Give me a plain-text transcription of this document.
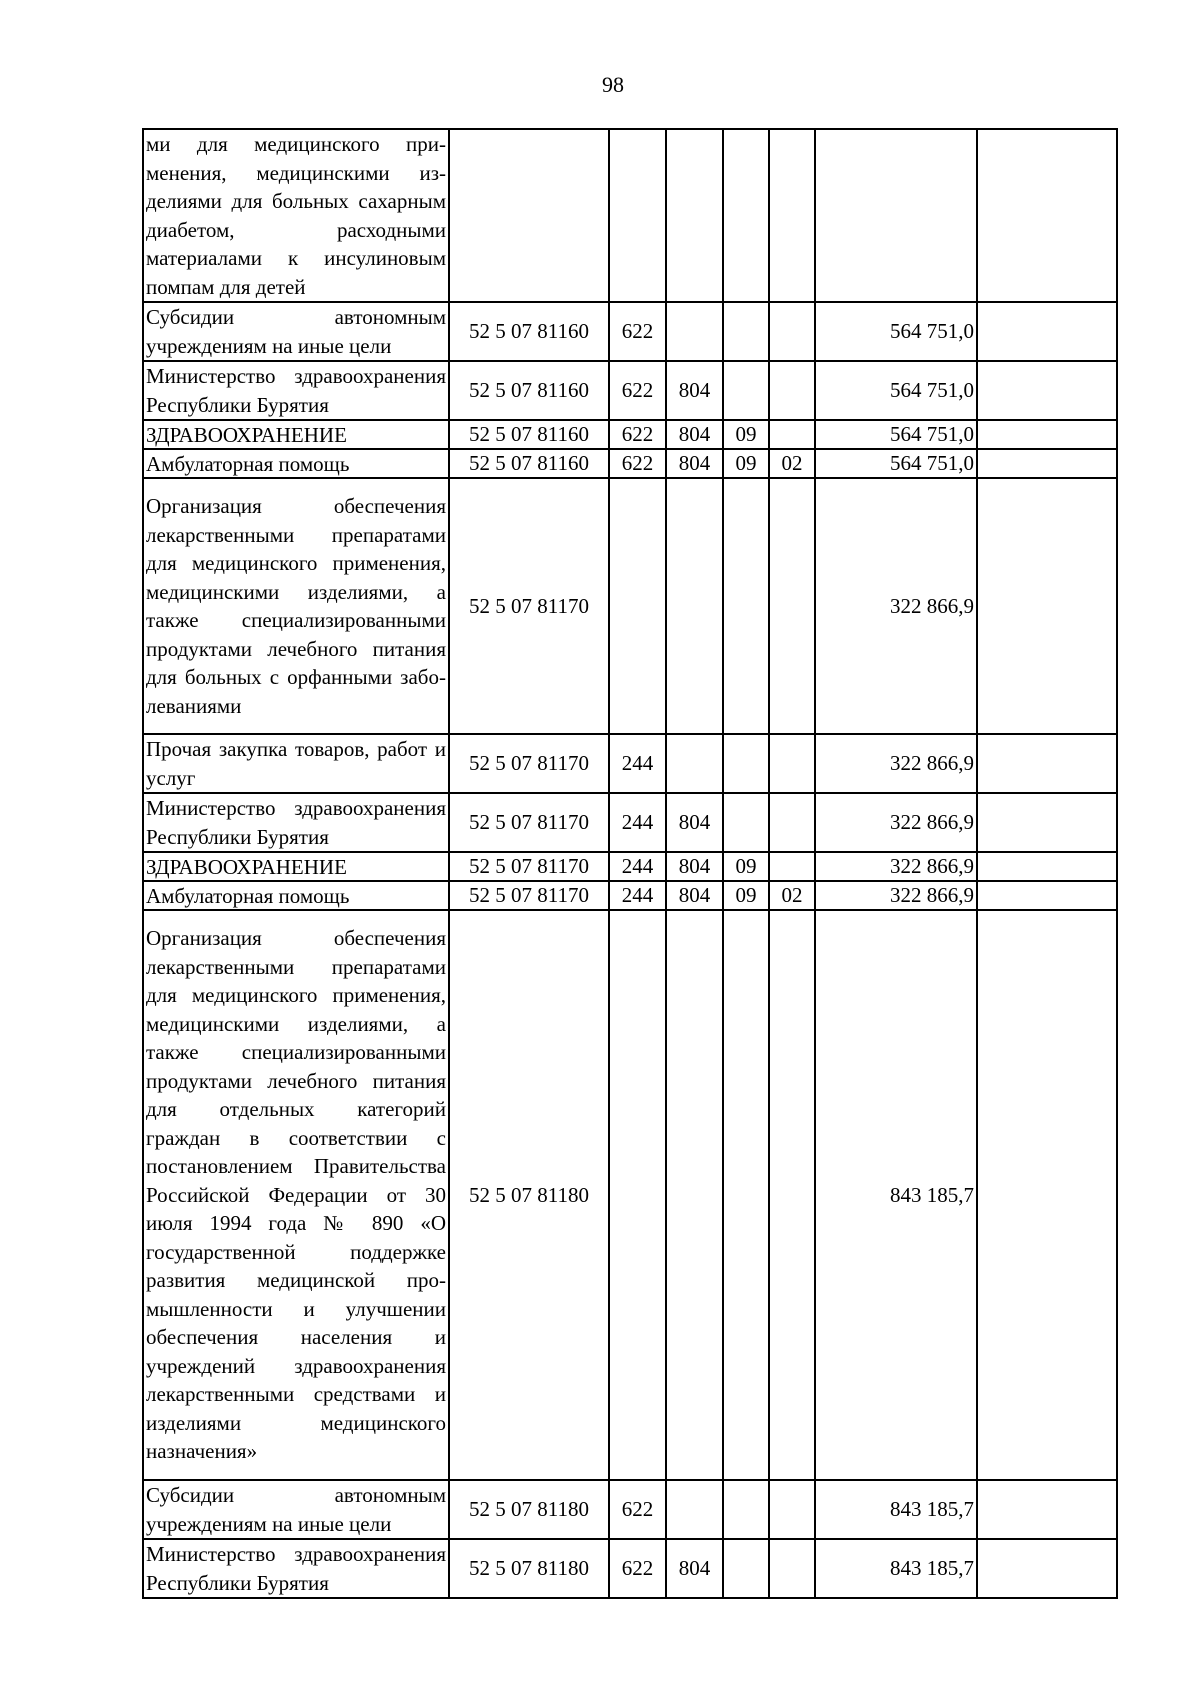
98
ми для медицинского применения, медицинскими изделиями для больных сахарным диабетом, расходными материалами к инсулиновым помпам для детей							
Субсидии автономным учреждениям на иные цели	52 5 07 81160	622				564 751,0	
Министерство здравоохранения Республики Бурятия	52 5 07 81160	622	804			564 751,0	
ЗДРАВООХРАНЕНИЕ	52 5 07 81160	622	804	09		564 751,0	
Амбулаторная помощь	52 5 07 81160	622	804	09	02	564 751,0	
Организация обеспечения лекарственными препаратами для медицинского применения, медицинскими изделиями, а также специализированными продуктами лечебного питания для больных с орфанными заболеваниями	52 5 07 81170					322 866,9	
Прочая закупка товаров, работ и услуг	52 5 07 81170	244				322 866,9	
Министерство здравоохранения Республики Бурятия	52 5 07 81170	244	804			322 866,9	
ЗДРАВООХРАНЕНИЕ	52 5 07 81170	244	804	09		322 866,9	
Амбулаторная помощь	52 5 07 81170	244	804	09	02	322 866,9	
Организация обеспечения лекарственными препаратами для медицинского применения, медицинскими изделиями, а также специализированными продуктами лечебного питания для отдельных категорий граждан в соответствии с постановлением Правительства Российской Федерации от 30 июля 1994 года № 890 «О государственной поддержке развития медицинской промышленности и улучшении обеспечения населения и учреждений здравоохранения лекарственными средствами и изделиями медицинского назначения»	52 5 07 81180					843 185,7	
Субсидии автономным учреждениям на иные цели	52 5 07 81180	622				843 185,7	
Министерство здравоохранения Республики Бурятия	52 5 07 81180	622	804			843 185,7	
